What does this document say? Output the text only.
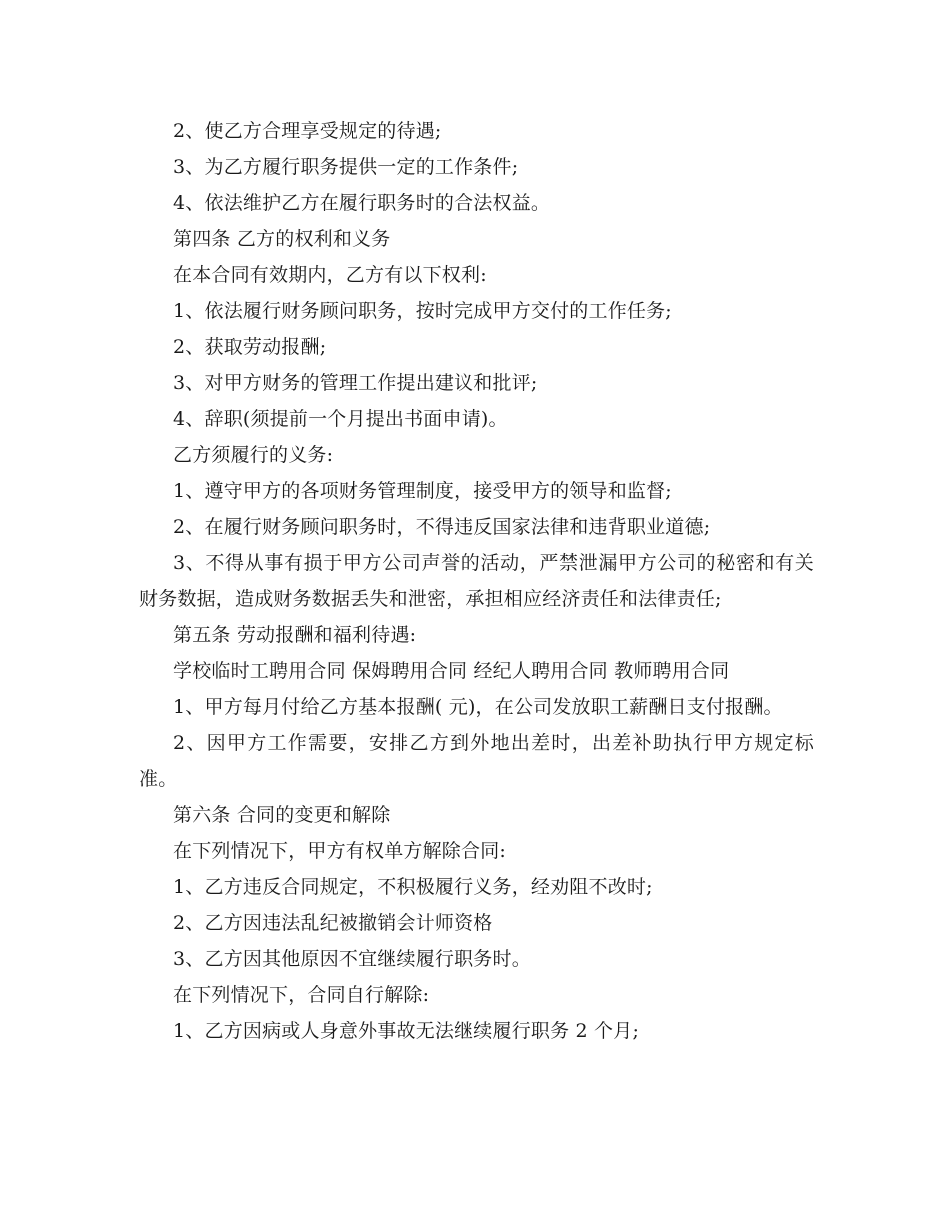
2、使乙方合理享受规定的待遇;

3、为乙方履行职务提供一定的工作条件;

4、依法维护乙方在履行职务时的合法权益。

第四条 乙方的权利和义务

在本合同有效期内，乙方有以下权利:

1、依法履行财务顾问职务，按时完成甲方交付的工作任务;

2、获取劳动报酬;

3、对甲方财务的管理工作提出建议和批评;

4、辞职(须提前一个月提出书面申请)。

乙方须履行的义务:

1、遵守甲方的各项财务管理制度，接受甲方的领导和监督;

2、在履行财务顾问职务时，不得违反国家法律和违背职业道德;

3、不得从事有损于甲方公司声誉的活动，严禁泄漏甲方公司的秘密和有关财务数据，造成财务数据丢失和泄密，承担相应经济责任和法律责任;

第五条 劳动报酬和福利待遇:

学校临时工聘用合同 保姆聘用合同 经纪人聘用合同 教师聘用合同

1、甲方每月付给乙方基本报酬( 元)，在公司发放职工薪酬日支付报酬。

2、因甲方工作需要，安排乙方到外地出差时，出差补助执行甲方规定标准。

第六条 合同的变更和解除

在下列情况下，甲方有权单方解除合同:

1、乙方违反合同规定，不积极履行义务，经劝阻不改时;

2、乙方因违法乱纪被撤销会计师资格

3、乙方因其他原因不宜继续履行职务时。

在下列情况下，合同自行解除:

1、乙方因病或人身意外事故无法继续履行职务 2 个月;
